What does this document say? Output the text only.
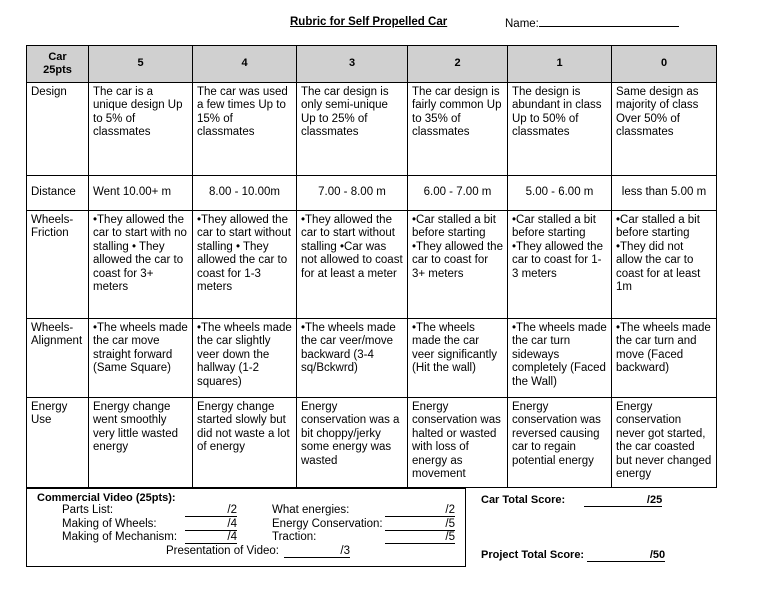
Rubric for Self Propelled Car	Name:
Car
25pts	5	4	3	2	1	0
Design	The car is a unique design Up to 5% of classmates	The car was used a few times Up to 15% of classmates	The car design is only semi-unique Up to 25% of classmates	The car design is fairly common Up to 35% of classmates	The design is abundant in class Up to 50% of classmates	Same design as majority of class Over 50% of classmates
Distance	Went 10.00+ m	8.00 - 10.00m	7.00 - 8.00 m	6.00 - 7.00 m	5.00 - 6.00 m	less than 5.00 m
Wheels- Friction	•They allowed the car to start with no stalling • They allowed the car to coast for 3+ meters	•They allowed the car to start without stalling • They allowed the car to coast for 1-3 meters	•They allowed the car to start without stalling •Car was not allowed to coast for at least a meter	•Car stalled a bit before starting •They allowed the car to coast for 3+ meters	•Car stalled a bit before starting •They allowed the car to coast for 1-3 meters	•Car stalled a bit before starting •They did not allow the car to coast for at least 1m
Wheels- Alignment	•The wheels made the car move straight forward (Same Square)	•The wheels made the car slightly veer down the hallway (1-2 squares)	•The wheels made the car veer/move backward (3-4 sq/Bckwrd)	•The wheels made the car veer significantly (Hit the wall)	•The wheels made the car turn sideways completely (Faced the Wall)	•The wheels made the car turn and move (Faced backward)
Energy Use	Energy change went smoothly very little wasted energy	Energy change started slowly but did not waste a lot of energy	Energy conservation was a bit choppy/jerky some energy was wasted	Energy conservation was halted or wasted with loss of energy as movement	Energy conservation was reversed causing car to regain potential energy	Energy conservation never got started, the car coasted but never changed energy
Commercial Video (25pts):
Parts List:	/2
Making of Wheels:	/4
Making of Mechanism:	/4
What energies:	/2
Energy Conservation:	/5
Traction:	/5
Presentation of Video:	/3
Car Total Score:	/25
Project Total Score:	/50
